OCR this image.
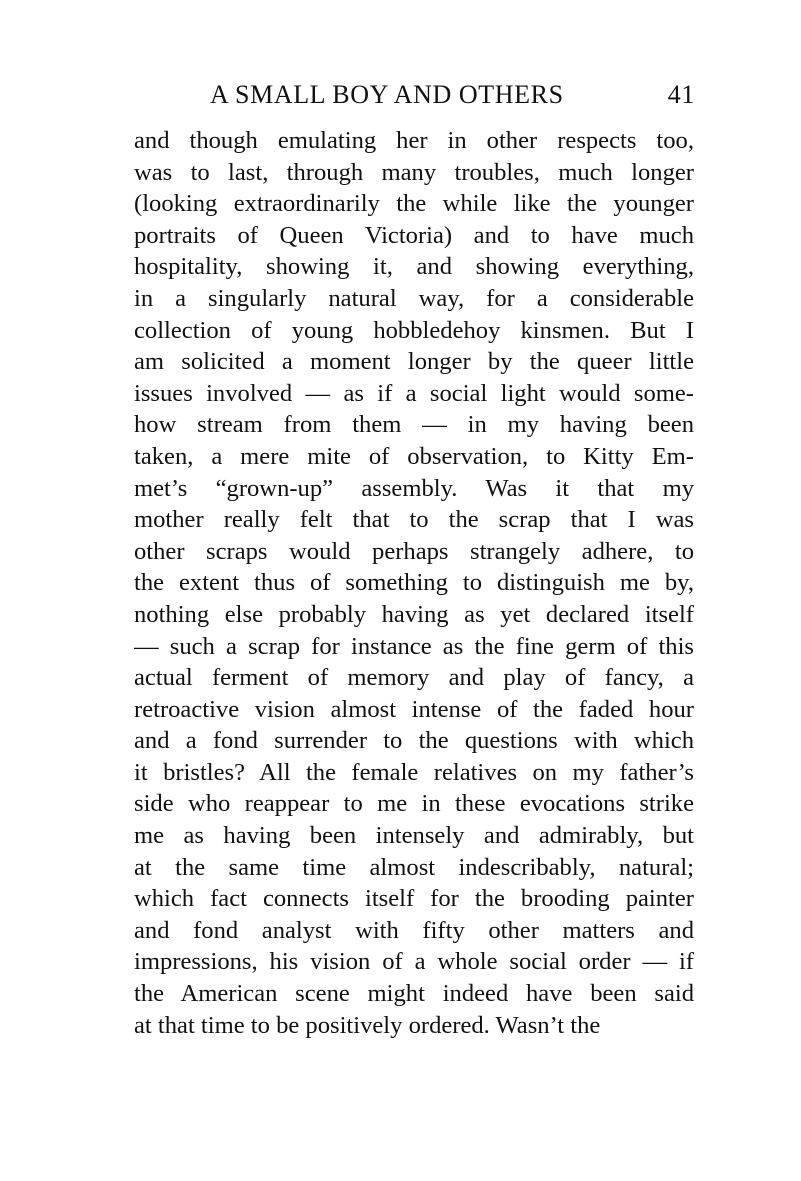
A SMALL BOY AND OTHERS	41
and though emulating her in other respects too,
was to last, through many troubles, much longer
(looking extraordinarily the while like the younger
portraits of Queen Victoria) and to have much
hospitality, showing it, and showing everything,
in a singularly natural way, for a considerable
collection of young hobbledehoy kinsmen. But I
am solicited a moment longer by the queer little
issues involved — as if a social light would some-
how stream from them — in my having been
taken, a mere mite of observation, to Kitty Em-
met’s “grown-up” assembly. Was it that my
mother really felt that to the scrap that I was
other scraps would perhaps strangely adhere, to
the extent thus of something to distinguish me by,
nothing else probably having as yet declared itself
— such a scrap for instance as the fine germ of this
actual ferment of memory and play of fancy, a
retroactive vision almost intense of the faded hour
and a fond surrender to the questions with which
it bristles? All the female relatives on my father’s
side who reappear to me in these evocations strike
me as having been intensely and admirably, but
at the same time almost indescribably, natural;
which fact connects itself for the brooding painter
and fond analyst with fifty other matters and
impressions, his vision of a whole social order — if
the American scene might indeed have been said
at that time to be positively ordered. Wasn’t the
